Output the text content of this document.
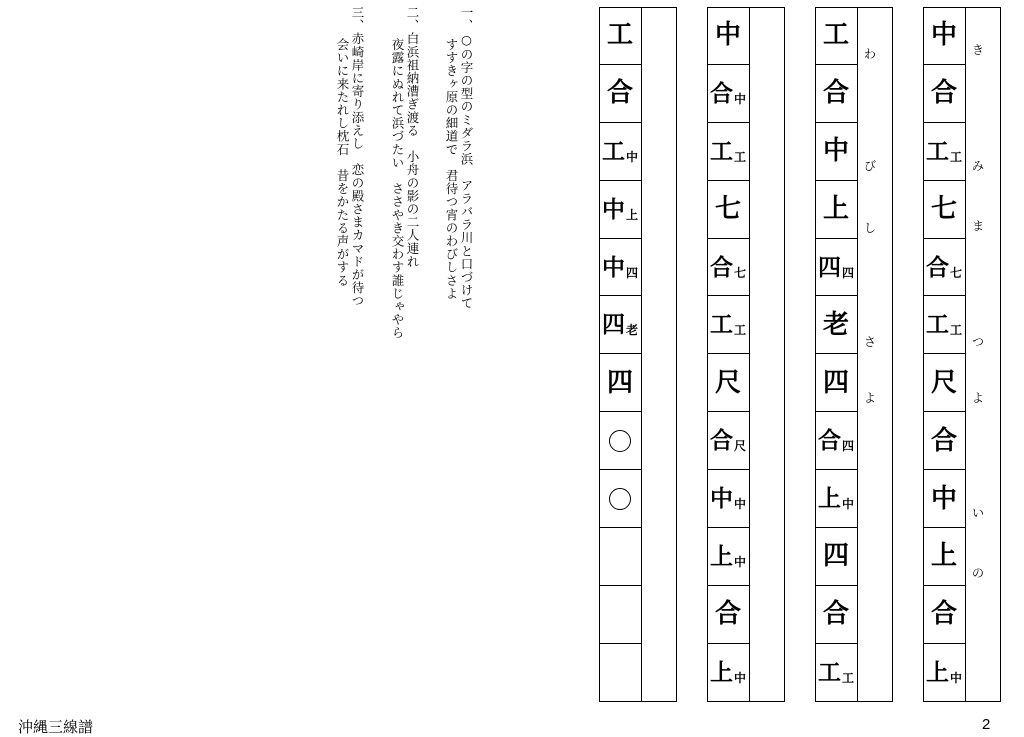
一、○の字の型のミダラ浜　アラバラ川と口づけて
すすきヶ原の細道で　君待つ宵のわびしさよ
二、白浜祖納漕ぎ渡る　小舟の影の二人連れ
夜露にぬれて浜づたい　ささやき交わす誰じゃやら
三、赤崎岸に寄り添えし　恋の殿さまカマドが待つ
会いに来たれし枕石　昔をかたる声がする
工
合
工 中
中 上
中 四
四 老
四
中
合 中
工 工
七
合 七
工 工
尺
合 尺
中 中
上 中
合
上 中
工
合
中
上
四 四
老
四
合 四
上 中
四
合
工 工
わ
び
し
さ
よ
中
合
工 工
七
合 七
工 工
尺
合
中
上
合
上 中
き
み
ま
つ
よ
い
の
沖縄三線譜	2
